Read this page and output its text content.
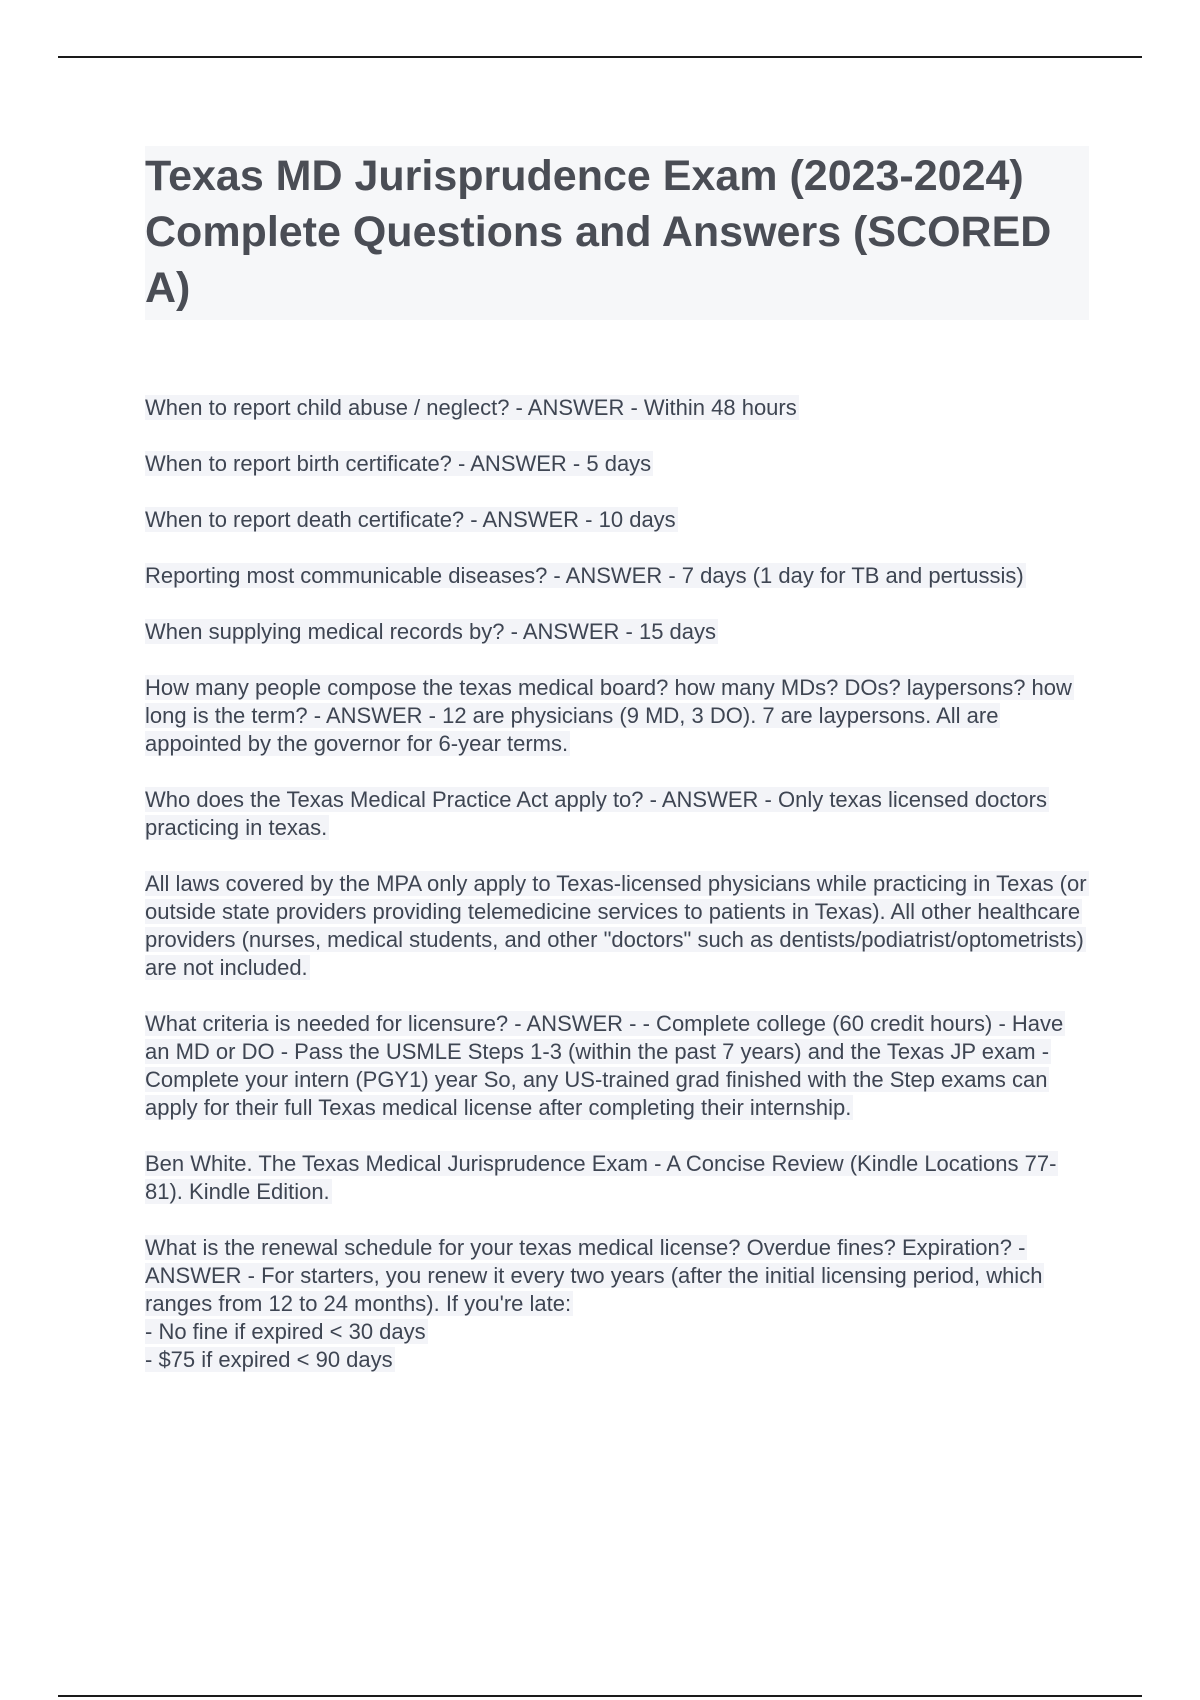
Texas MD Jurisprudence Exam (2023-2024) Complete Questions and Answers (SCORED A)

When to report child abuse / neglect? - ANSWER - Within 48 hours

When to report birth certificate? - ANSWER - 5 days

When to report death certificate? - ANSWER - 10 days

Reporting most communicable diseases? - ANSWER - 7 days (1 day for TB and pertussis)

When supplying medical records by? - ANSWER - 15 days

How many people compose the texas medical board? how many MDs? DOs? laypersons? how long is the term? - ANSWER - 12 are physicians (9 MD, 3 DO). 7 are laypersons. All are appointed by the governor for 6-year terms.

Who does the Texas Medical Practice Act apply to? - ANSWER - Only texas licensed doctors practicing in texas.

All laws covered by the MPA only apply to Texas-licensed physicians while practicing in Texas (or outside state providers providing telemedicine services to patients in Texas). All other healthcare providers (nurses, medical students, and other "doctors" such as dentists/podiatrist/optometrists) are not included.

What criteria is needed for licensure? - ANSWER - - Complete college (60 credit hours) - Have an MD or DO - Pass the USMLE Steps 1-3 (within the past 7 years) and the Texas JP exam - Complete your intern (PGY1) year So, any US-trained grad finished with the Step exams can apply for their full Texas medical license after completing their internship.

Ben White. The Texas Medical Jurisprudence Exam - A Concise Review (Kindle Locations 77-81). Kindle Edition.

What is the renewal schedule for your texas medical license? Overdue fines? Expiration? - ANSWER - For starters, you renew it every two years (after the initial licensing period, which ranges from 12 to 24 months). If you're late:
- No fine if expired < 30 days
- $75 if expired < 90 days
